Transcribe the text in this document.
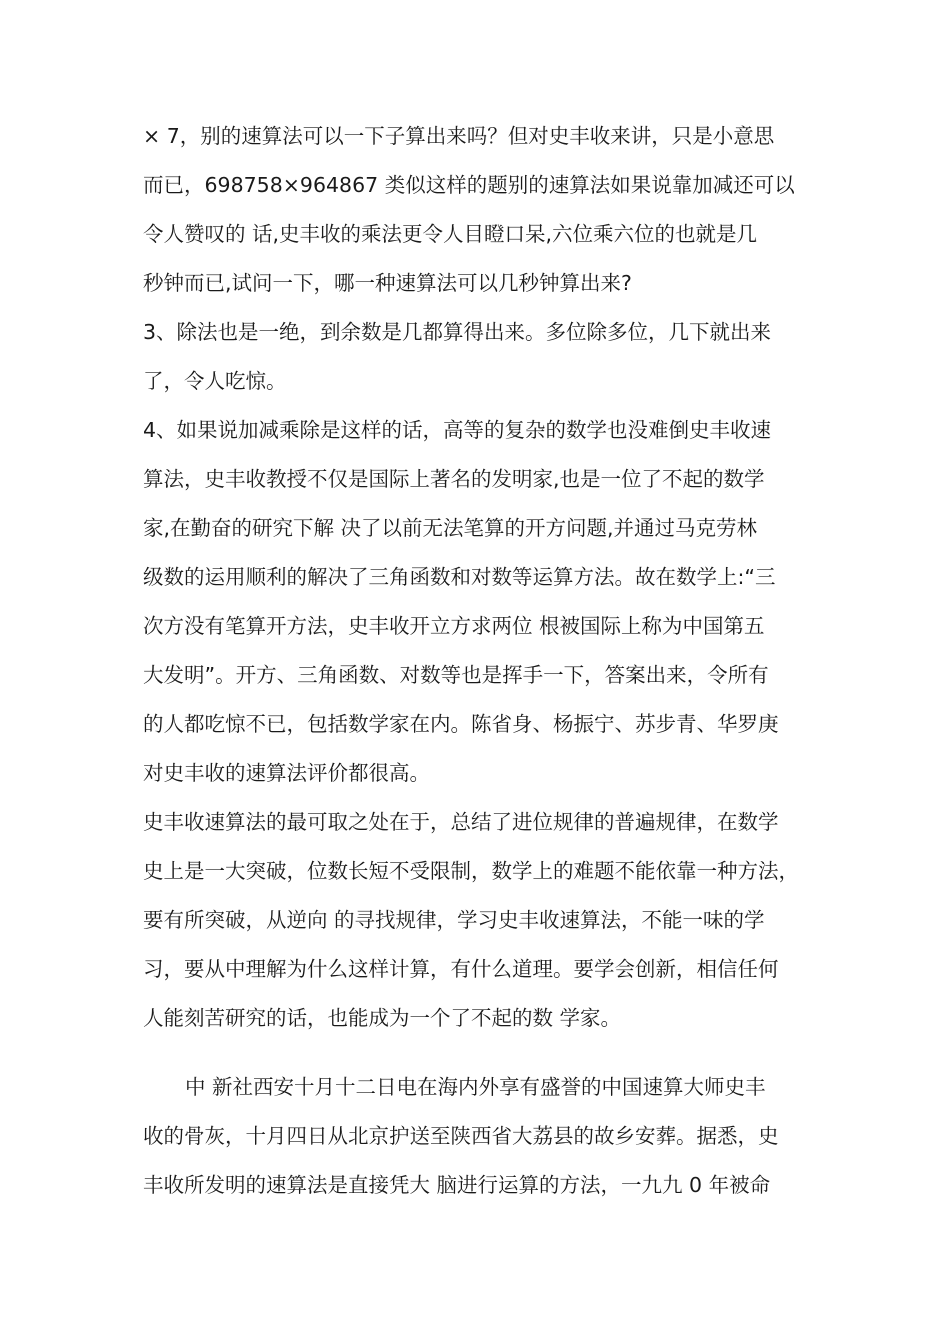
× 7，别的速算法可以一下子算出来吗？但对史丰收来讲，只是小意思
而已，698758×964867 类似这样的题别的速算法如果说靠加减还可以
令人赞叹的 话,史丰收的乘法更令人目瞪口呆,六位乘六位的也就是几
秒钟而已,试问一下，哪一种速算法可以几秒钟算出来?
3、除法也是一绝，到余数是几都算得出来。多位除多位，几下就出来
了，令人吃惊。
4、如果说加减乘除是这样的话，高等的复杂的数学也没难倒史丰收速
算法，史丰收教授不仅是国际上著名的发明家,也是一位了不起的数学
家,在勤奋的研究下解 决了以前无法笔算的开方问题,并通过马克劳林
级数的运用顺利的解决了三角函数和对数等运算方法。故在数学上:“三
次方没有笔算开方法，史丰收开立方求两位 根被国际上称为中国第五
大发明”。开方、三角函数、对数等也是挥手一下，答案出来，令所有
的人都吃惊不已，包括数学家在内。陈省身、杨振宁、苏步青、华罗庚
对史丰收的速算法评价都很高。
史丰收速算法的最可取之处在于，总结了进位规律的普遍规律，在数学
史上是一大突破，位数长短不受限制，数学上的难题不能依靠一种方法，
要有所突破，从逆向 的寻找规律，学习史丰收速算法，不能一味的学
习，要从中理解为什么这样计算，有什么道理。要学会创新，相信任何
人能刻苦研究的话，也能成为一个了不起的数 学家。
中 新社西安十月十二日电在海内外享有盛誉的中国速算大师史丰
收的骨灰，十月四日从北京护送至陕西省大荔县的故乡安葬。据悉，史
丰收所发明的速算法是直接凭大 脑进行运算的方法，一九九 0 年被命
